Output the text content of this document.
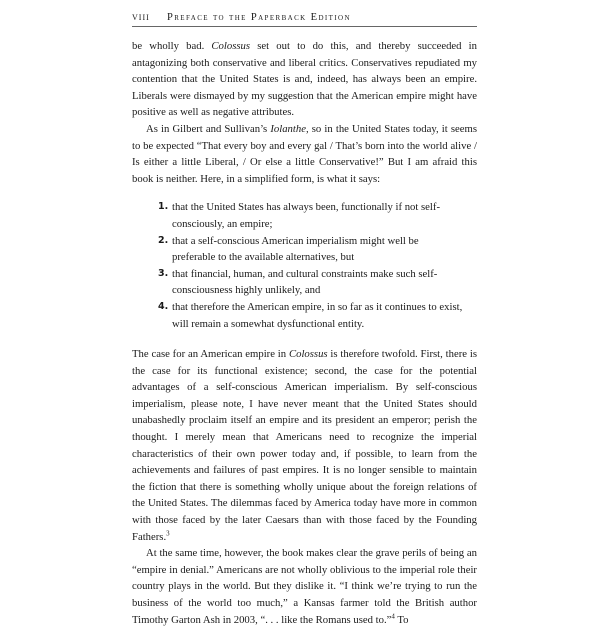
VIII Preface to the Paperback Edition

be wholly bad. Colossus set out to do this, and thereby succeeded in antagonizing both conservative and liberal critics. Conservatives repudiated my contention that the United States is and, indeed, has always been an empire. Liberals were dismayed by my suggestion that the American empire might have positive as well as negative attributes.

As in Gilbert and Sullivan’s Iolanthe, so in the United States today, it seems to be expected “That every boy and every gal / That’s born into the world alive / Is either a little Liberal, / Or else a little Conservative!” But I am afraid this book is neither. Here, in a simplified form, is what it says:

1. that the United States has always been, functionally if not self-consciously, an empire;
2. that a self-conscious American imperialism might well be preferable to the available alternatives, but
3. that financial, human, and cultural constraints make such self-consciousness highly unlikely, and
4. that therefore the American empire, in so far as it continues to exist, will remain a somewhat dysfunctional entity.

The case for an American empire in Colossus is therefore twofold. First, there is the case for its functional existence; second, the case for the potential advantages of a self-conscious American imperialism. By self-conscious imperialism, please note, I have never meant that the United States should unabashedly proclaim itself an empire and its president an emperor; perish the thought. I merely mean that Americans need to recognize the imperial characteristics of their own power today and, if possible, to learn from the achievements and failures of past empires. It is no longer sensible to maintain the fiction that there is something wholly unique about the foreign relations of the United States. The dilemmas faced by America today have more in common with those faced by the later Caesars than with those faced by the Founding Fathers.$^3$

At the same time, however, the book makes clear the grave perils of being an “empire in denial.” Americans are not wholly oblivious to the imperial role their country plays in the world. But they dislike it. “I think we’re trying to run the business of the world too much,” a Kansas farmer told the British author Timothy Garton Ash in 2003, “. . . like the Romans used to.”$^4$ To
